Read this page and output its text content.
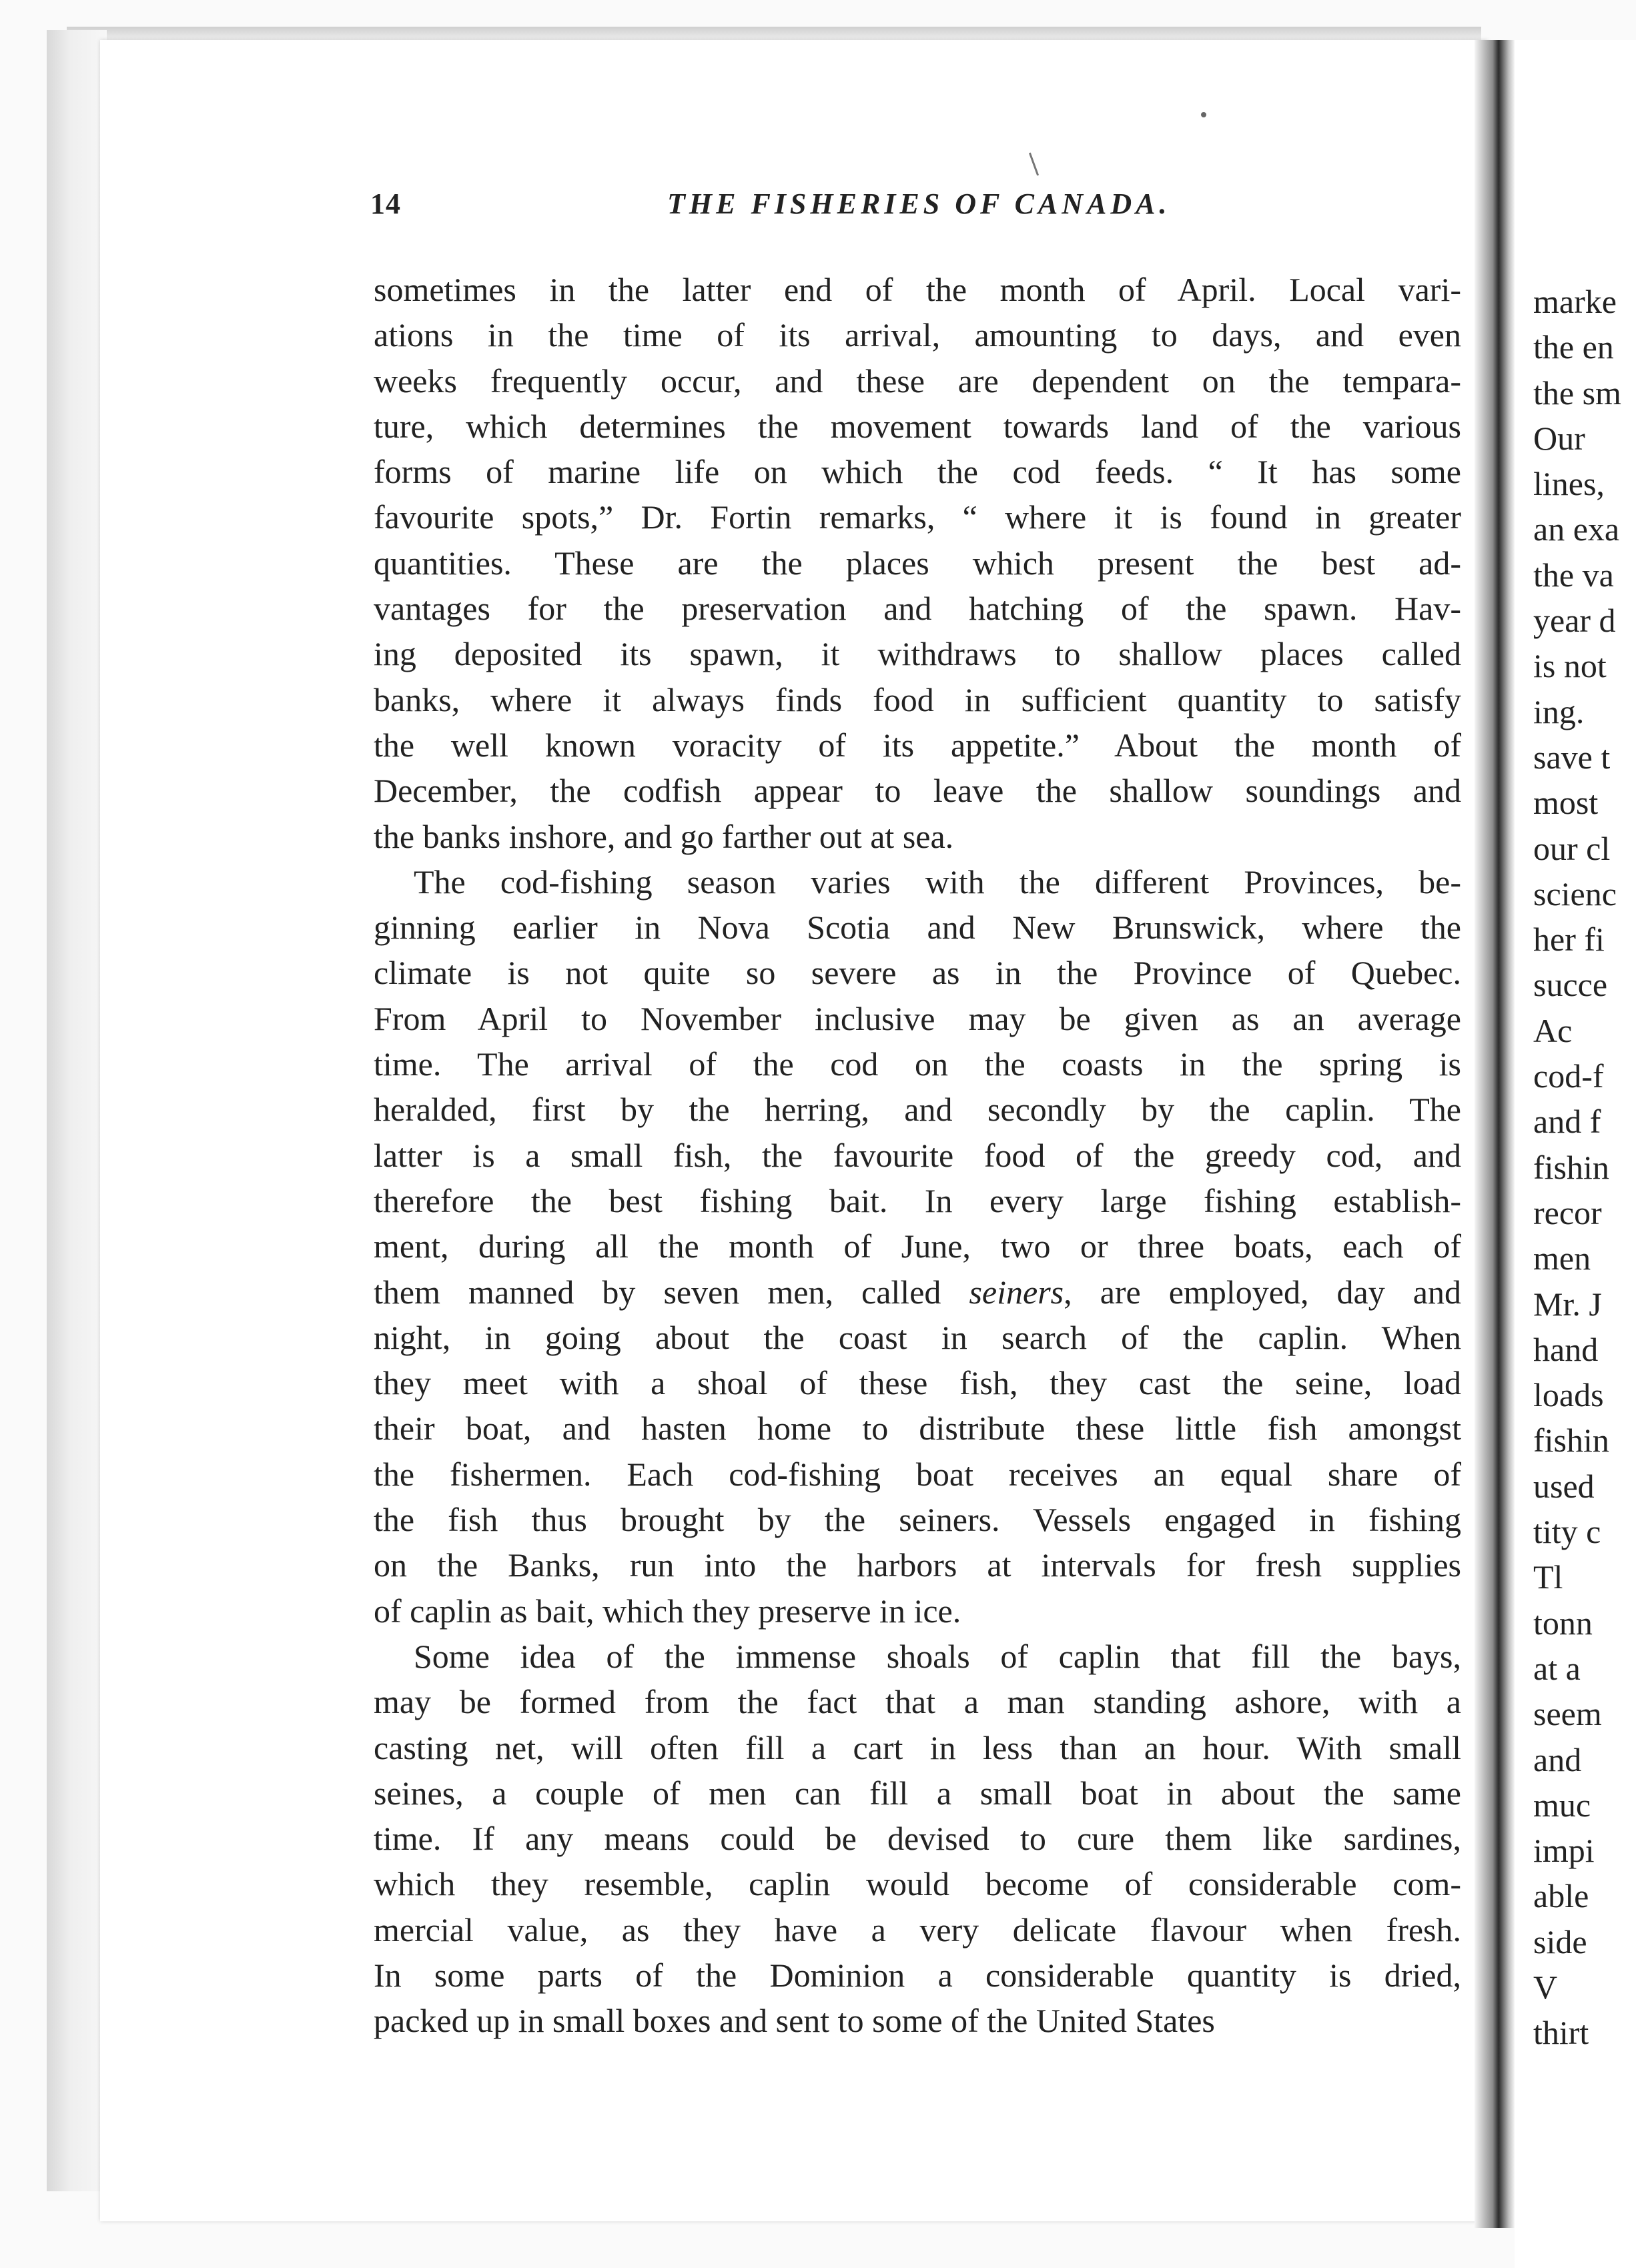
14	THE FISHERIES OF CANADA.
sometimes in the latter end of the month of April. Local vari-
ations in the time of its arrival, amounting to days, and even
weeks frequently occur, and these are dependent on the tempara-
ture, which determines the movement towards land of the various
forms of marine life on which the cod feeds. “ It has some
favourite spots,” Dr. Fortin remarks, “ where it is found in greater
quantities. These are the places which present the best ad-
vantages for the preservation and hatching of the spawn. Hav-
ing deposited its spawn, it withdraws to shallow places called
banks, where it always finds food in sufficient quantity to satisfy
the well known voracity of its appetite.” About the month of
December, the codfish appear to leave the shallow soundings and
the banks inshore, and go farther out at sea.
The cod-fishing season varies with the different Provinces, be-
ginning earlier in Nova Scotia and New Brunswick, where the
climate is not quite so severe as in the Province of Quebec.
From April to November inclusive may be given as an average
time. The arrival of the cod on the coasts in the spring is
heralded, first by the herring, and secondly by the caplin. The
latter is a small fish, the favourite food of the greedy cod, and
therefore the best fishing bait. In every large fishing establish-
ment, during all the month of June, two or three boats, each of
them manned by seven men, called seiners, are employed, day and
night, in going about the coast in search of the caplin. When
they meet with a shoal of these fish, they cast the seine, load
their boat, and hasten home to distribute these little fish amongst
the fishermen. Each cod-fishing boat receives an equal share of
the fish thus brought by the seiners. Vessels engaged in fishing
on the Banks, run into the harbors at intervals for fresh supplies
of caplin as bait, which they preserve in ice.
Some idea of the immense shoals of caplin that fill the bays,
may be formed from the fact that a man standing ashore, with a
casting net, will often fill a cart in less than an hour. With small
seines, a couple of men can fill a small boat in about the same
time. If any means could be devised to cure them like sardines,
which they resemble, caplin would become of considerable com-
mercial value, as they have a very delicate flavour when fresh.
In some parts of the Dominion a considerable quantity is dried,
packed up in small boxes and sent to some of the United States
marke
the en
the sm
Our
lines,
an exa
the va
year d
is not
ing.
save t
most
our cl
scienc
her fi
succe
Ac
cod-f
and f
fishin
recor
men
Mr. J
hand
loads
fishin
used
tity c
Tl
tonn
at a
seem
and
muc
impi
able
side
V
thirt
